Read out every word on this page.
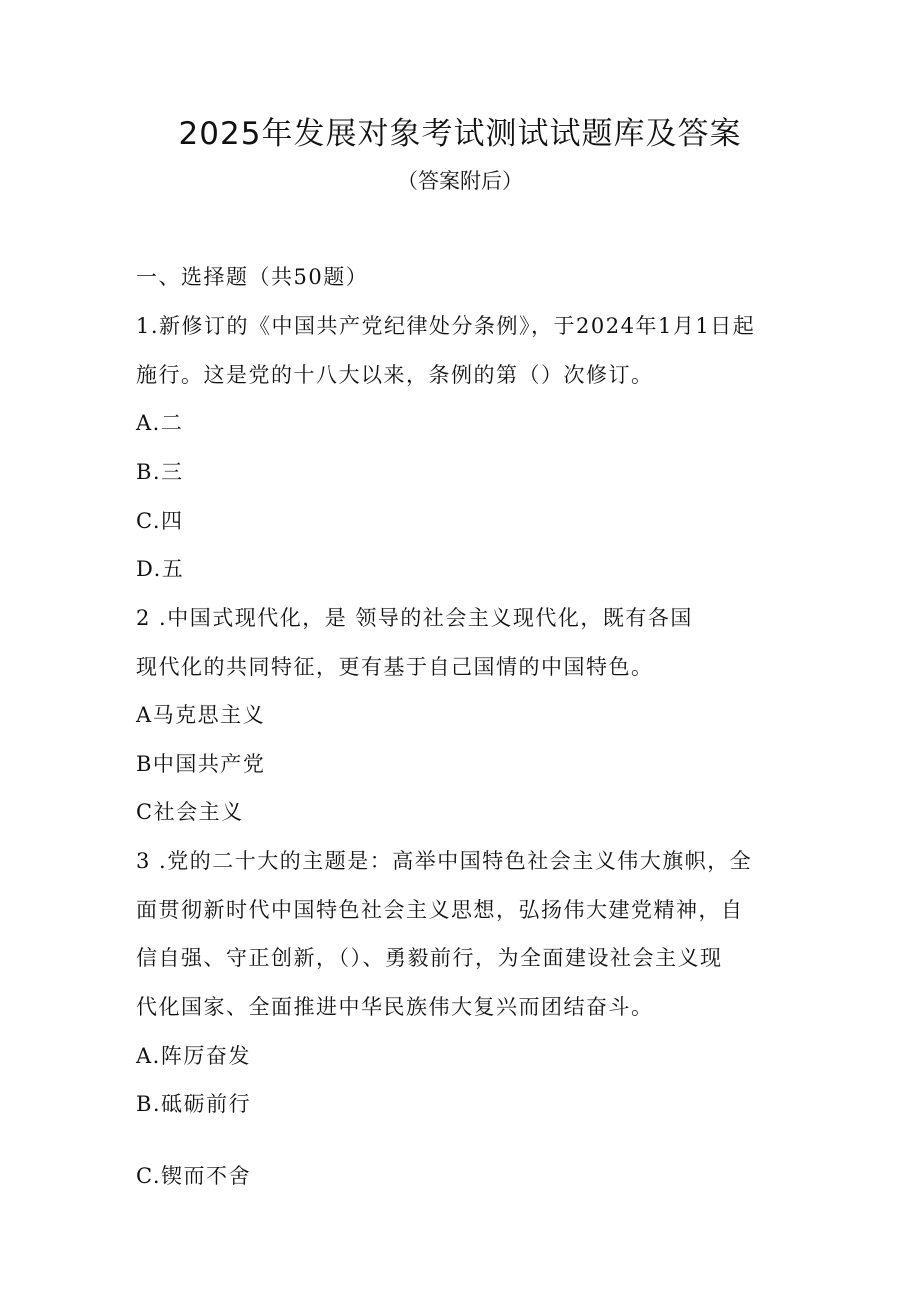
2025年发展对象考试测试试题库及答案
（答案附后）
一、选择题（共50题）
1.新修订的《中国共产党纪律处分条例》，于2024年1月1日起
施行。这是党的十八大以来，条例的第（）次修订。
A.二
B.三
C.四
D.五
2 .中国式现代化，是 领导的社会主义现代化，既有各国
现代化的共同特征，更有基于自己国情的中国特色。
A马克思主义
B中国共产党
C社会主义
3 .党的二十大的主题是：高举中国特色社会主义伟大旗帜，全
面贯彻新时代中国特色社会主义思想，弘扬伟大建党精神，自
信自强、守正创新，（）、勇毅前行，为全面建设社会主义现
代化国家、全面推进中华民族伟大复兴而团结奋斗。
A.阵厉奋发
B.砥砺前行
C.锲而不舍
